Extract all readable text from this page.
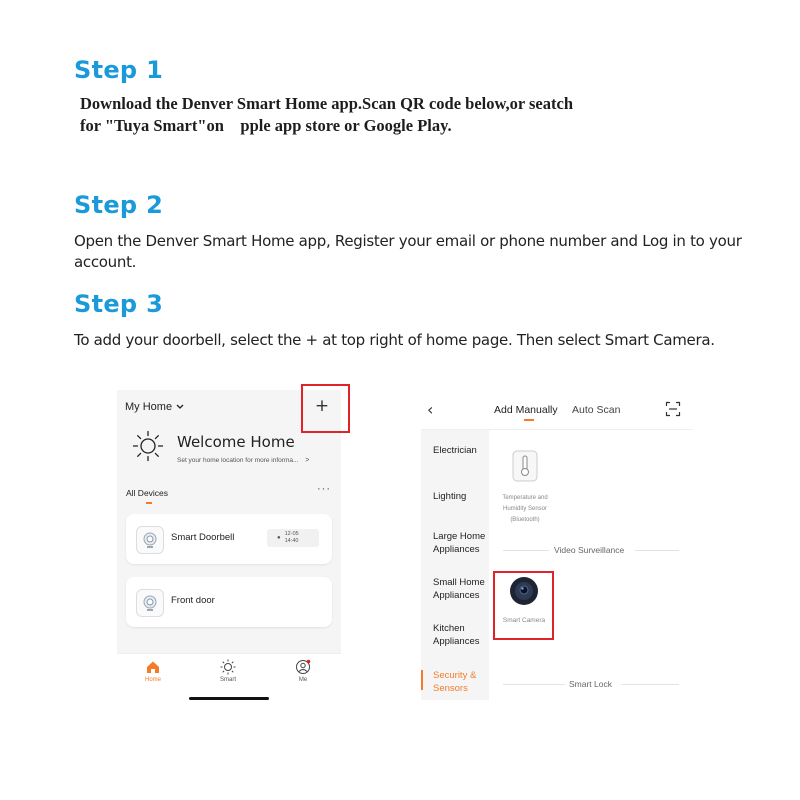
Step 1
Download the Denver Smart Home app.Scan QR code below,or seatch
for "Tuya Smart"on    pple app store or Google Play.
Step 2
Open the Denver Smart Home app, Register your email or phone number and Log in to your account.
Step 3
To add your doorbell, select the + at top right of home page. Then select Smart Camera.
My Home	+
Welcome Home
Set your home location for more informa... >
All Devices	···
Smart Doorbell	●
12-05
14:40
Front door
Home	Smart	Me
‹	Add Manually Auto Scan
Electrician
Lighting
Large Home Appliances
Small Home Appliances
Kitchen Appliances
Security & Sensors
Temperature and Humidity Sensor (Bluetooth)
Video Surveillance
Smart Camera
Smart Lock
